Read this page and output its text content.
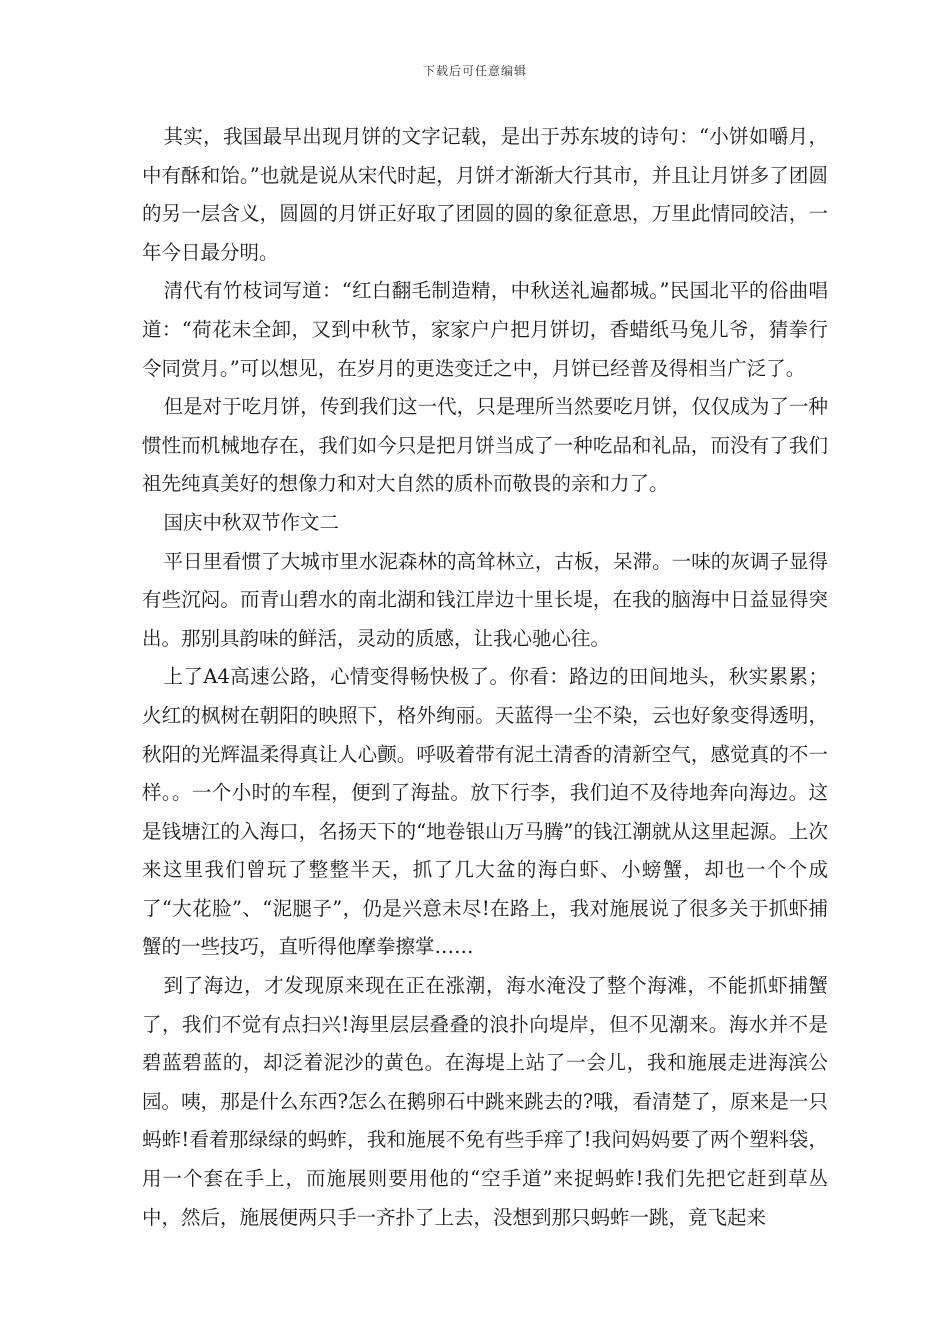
下载后可任意编辑

其实，我国最早出现月饼的文字记载，是出于苏东坡的诗句：“小饼如嚼月，中有酥和饴。”也就是说从宋代时起，月饼才渐渐大行其市，并且让月饼多了团圆的另一层含义，圆圆的月饼正好取了团圆的圆的象征意思，万里此情同皎洁，一年今日最分明。

清代有竹枝词写道：“红白翻毛制造精，中秋送礼遍都城。”民国北平的俗曲唱道：“荷花未全卸，又到中秋节，家家户户把月饼切，香蜡纸马兔儿爷，猜拳行令同赏月。”可以想见，在岁月的更迭变迁之中，月饼已经普及得相当广泛了。

但是对于吃月饼，传到我们这一代，只是理所当然要吃月饼，仅仅成为了一种惯性而机械地存在，我们如今只是把月饼当成了一种吃品和礼品，而没有了我们祖先纯真美好的想像力和对大自然的质朴而敬畏的亲和力了。

国庆中秋双节作文二

平日里看惯了大城市里水泥森林的高耸林立，古板，呆滞。一味的灰调子显得有些沉闷。而青山碧水的南北湖和钱江岸边十里长堤，在我的脑海中日益显得突出。那别具韵味的鲜活，灵动的质感，让我心驰心往。

上了A4高速公路，心情变得畅快极了。你看：路边的田间地头，秋实累累；火红的枫树在朝阳的映照下，格外绚丽。天蓝得一尘不染，云也好象变得透明，秋阳的光辉温柔得真让人心颤。呼吸着带有泥土清香的清新空气，感觉真的不一样。。一个小时的车程，便到了海盐。放下行李，我们迫不及待地奔向海边。这是钱塘江的入海口，名扬天下的“地卷银山万马腾”的钱江潮就从这里起源。上次来这里我们曾玩了整整半天，抓了几大盆的海白虾、小螃蟹，却也一个个成了“大花脸”、“泥腿子”，仍是兴意未尽!在路上，我对施展说了很多关于抓虾捕蟹的一些技巧，直听得他摩拳擦掌……

到了海边，才发现原来现在正在涨潮，海水淹没了整个海滩，不能抓虾捕蟹了，我们不觉有点扫兴!海里层层叠叠的浪扑向堤岸，但不见潮来。海水并不是碧蓝碧蓝的，却泛着泥沙的黄色。在海堤上站了一会儿，我和施展走进海滨公园。咦，那是什么东西?怎么在鹅卵石中跳来跳去的?哦，看清楚了，原来是一只蚂蚱!看着那绿绿的蚂蚱，我和施展不免有些手痒了!我问妈妈要了两个塑料袋，用一个套在手上，而施展则要用他的“空手道”来捉蚂蚱!我们先把它赶到草丛中，然后，施展便两只手一齐扑了上去，没想到那只蚂蚱一跳，竟飞起来
